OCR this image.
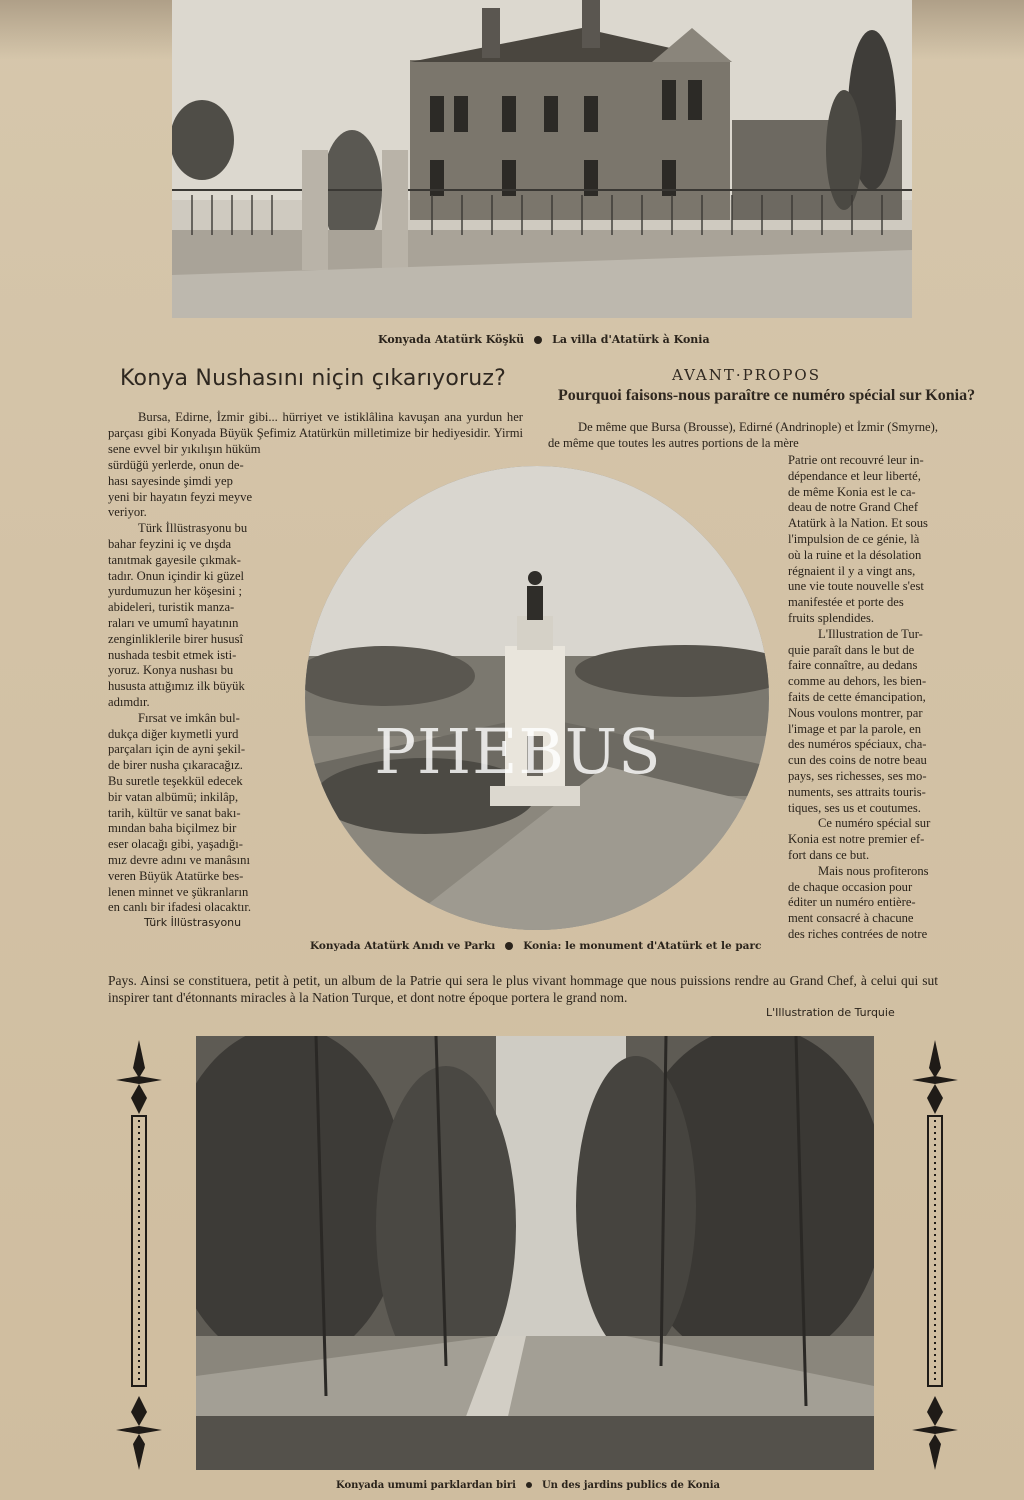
Konyada Atatürk Köşkü	La villa d'Atatürk à Konia
Konya Nushasını niçin çıkarıyoruz?	AVANT·PROPOS
Pourquoi faisons-nous paraître ce numéro spécial sur Konia?

Bursa, Edirne, İzmir gibi... hürriyet ve istiklâlina kavuşan ana yurdun her parçası gibi Konyada Büyük Şefimiz Atatürkün milletimize bir hediyesidir. Yirmi sene evvel bir yıkılışın hüküm

De même que Bursa (Brousse), Edirné (Andrinople) et İzmir (Smyrne), de même que toutes les autres portions de la mère

sürdüğü yerlerde, onun de-
hası sayesinde şimdi yep
yeni bir hayatın feyzi meyve
veriyor.
Türk İllüstrasyonu bu
bahar feyzini iç ve dışda
tanıtmak gayesile çıkmak-
tadır. Onun içindir ki güzel
yurdumuzun her köşesini ;
abideleri, turistik manza-
raları ve umumî hayatının
zenginliklerile birer hususî
nushada tesbit etmek isti-
yoruz. Konya nushası bu
hususta attığımız ilk büyük
adımdır.
Fırsat ve imkân bul-
dukça diğer kıymetli yurd
parçaları için de ayni şekil-
de birer nusha çıkaracağız.
Bu suretle teşekkül edecek
bir vatan albümü; inkilâp,
tarih, kültür ve sanat bakı-
mından baha biçilmez bir
eser olacağı gibi, yaşadığı-
mız devre adını ve manâsını
veren Büyük Atatürke bes-
lenen minnet ve şükranların
en canlı bir ifadesi olacaktır.
Türk İllüstrasyonu
PHEBUS
Patrie ont recouvré leur in-
dépendance et leur liberté,
de même Konia est le ca-
deau de notre Grand Chef
Atatürk à la Nation. Et sous
l'impulsion de ce génie, là
où la ruine et la désolation
régnaient il y a vingt ans,
une vie toute nouvelle s'est
manifestée et porte des
fruits splendides.
L'Illustration de Tur-
quie paraît dans le but de
faire connaître, au dedans
comme au dehors, les bien-
faits de cette émancipation,
Nous voulons montrer, par
l'image et par la parole, en
des numéros spéciaux, cha-
cun des coins de notre beau
pays, ses richesses, ses mo-
numents, ses attraits touris-
tiques, ses us et coutumes.
Ce numéro spécial sur
Konia est notre premier ef-
fort dans ce but.
Mais nous profiterons
de chaque occasion pour
éditer un numéro entière-
ment consacré à chacune
des riches contrées de notre
Konyada Atatürk Anıdı ve Parkı	Konia: le monument d'Atatürk et le parc

Pays. Ainsi se constituera, petit à petit, un album de la Patrie qui sera le plus vivant hommage que nous puissions rendre au Grand Chef, à celui qui sut inspirer tant d'étonnants miracles à la Nation Turque, et dont notre époque portera le grand nom.

L'Illustration de Turquie
Konyada umumi parklardan biri	Un des jardins publics de Konia
